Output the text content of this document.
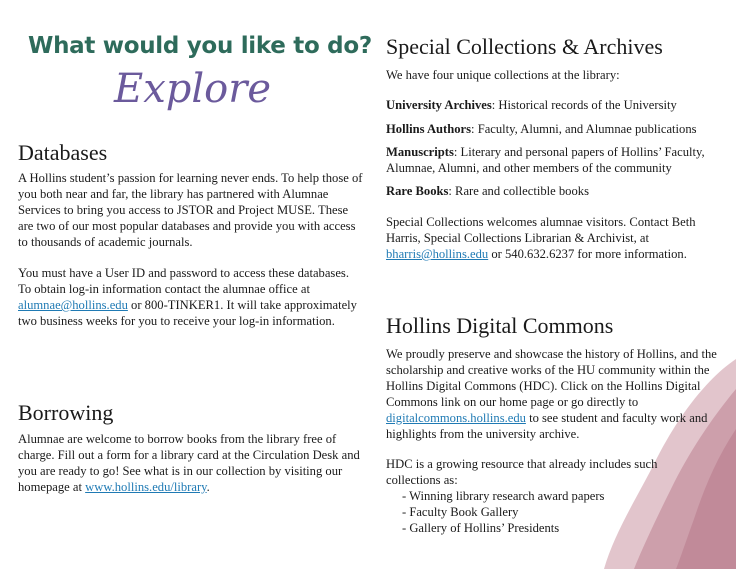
What would you like to do?
Explore
Databases

A Hollins student’s passion for learning never ends. To help those of you both near and far, the library has partnered with Alumnae Services to bring you access to JSTOR and Project MUSE. These are two of our most popular databases and provide you with access to thousands of academic journals.

You must have a User ID and password to access these databases. To obtain log-in information contact the alumnae office at alumnae@hollins.edu or 800-TINKER1. It will take approximately two business weeks for you to receive your log-in information.

Borrowing

Alumnae are welcome to borrow books from the library free of charge. Fill out a form for a library card at the Circulation Desk and you are ready to go! See what is in our collection by visiting our homepage at www.hollins.edu/library.

Special Collections & Archives

We have four unique collections at the library:

University Archives: Historical records of the University

Hollins Authors: Faculty, Alumni, and Alumnae publications

Manuscripts: Literary and personal papers of Hollins’ Faculty, Alumnae, Alumni, and other members of the community

Rare Books: Rare and collectible books

Special Collections welcomes alumnae visitors. Contact Beth Harris, Special Collections Librarian & Archivist, at bharris@hollins.edu or 540.632.6237 for more information.

Hollins Digital Commons

We proudly preserve and showcase the history of Hollins, and the scholarship and creative works of the HU community within the Hollins Digital Commons (HDC). Click on the Hollins Digital Commons link on our home page or go directly to digitalcommons.hollins.edu to see student and faculty work and highlights from the university archive.

HDC is a growing resource that already includes such collections as:

- Winning library research award papers
- Faculty Book Gallery
- Gallery of Hollins’ Presidents
